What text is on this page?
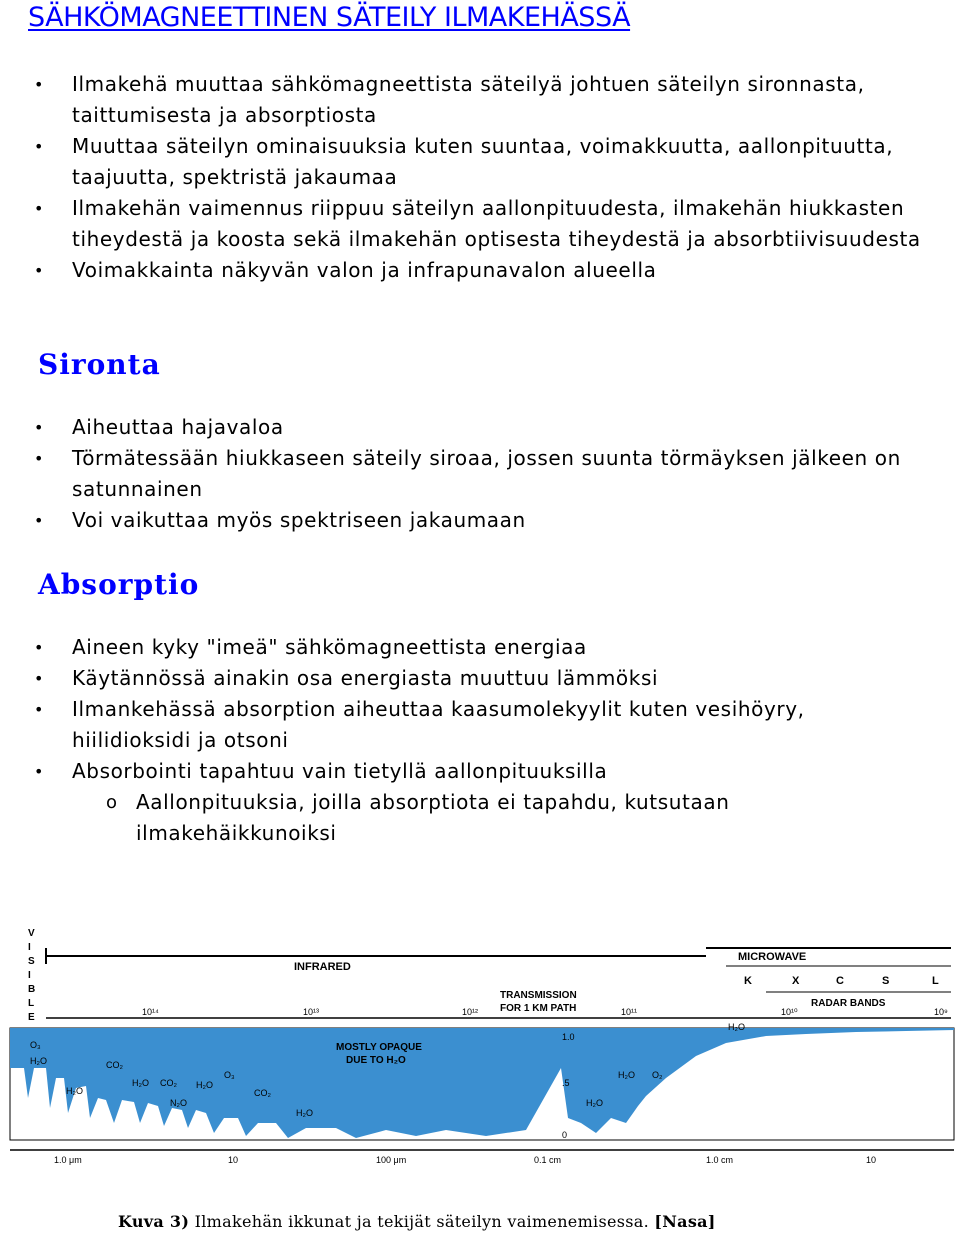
SÄHKÖMAGNEETTINEN SÄTEILY ILMAKEHÄSSÄ
• Ilmakehä muuttaa sähkömagneettista säteilyä johtuen säteilyn sironnasta, taittumisesta ja absorptiosta
• Muuttaa säteilyn ominaisuuksia kuten suuntaa, voimakkuutta, aallonpituutta, taajuutta, spektristä jakaumaa
• Ilmakehän vaimennus riippuu säteilyn aallonpituudesta, ilmakehän hiukkasten tiheydestä ja koosta sekä ilmakehän optisesta tiheydestä ja absorbtiivisuudesta
• Voimakkainta näkyvän valon ja infrapunavalon alueella
Sironta
• Aiheuttaa hajavaloa
• Törmätessään hiukkaseen säteily siroaa, jossen suunta törmäyksen jälkeen on satunnainen
• Voi vaikuttaa myös spektriseen jakaumaan
Absorptio
• Aineen kyky "imeä" sähkömagneettista energiaa
• Käytännössä ainakin osa energiasta muuttuu lämmöksi
• Ilmankehässä absorption aiheuttaa kaasumolekyylit kuten vesihöyry, hiilidioksidi ja otsoni
• Absorbointi tapahtuu vain tietyllä aallonpituuksilla
o Aallonpituuksia, joilla absorptiota ei tapahdu, kutsutaan ilmakehäikkunoiksi
V
I
S
I
B
L
E
INFRARED
MICROWAVE
K	X	C	S	L
RADAR BANDS
TRANSMISSION
FOR 1 KM PATH
10¹⁴	10¹³	10¹²	10¹¹	10¹⁰	10⁹
MOSTLY OPAQUE
DUE TO H₂O
1.0
.5
0
O₃
H₂O
H₂O
CO₂
H₂O CO₂
N₂O
H₂O
O₃
CO₂
H₂O
H₂O
H₂O O₂
H₂O
1.0 μm	10	100 μm	0.1 cm	1.0 cm	10
Kuva 3) Ilmakehän ikkunat ja tekijät säteilyn vaimenemisessa. [Nasa]
